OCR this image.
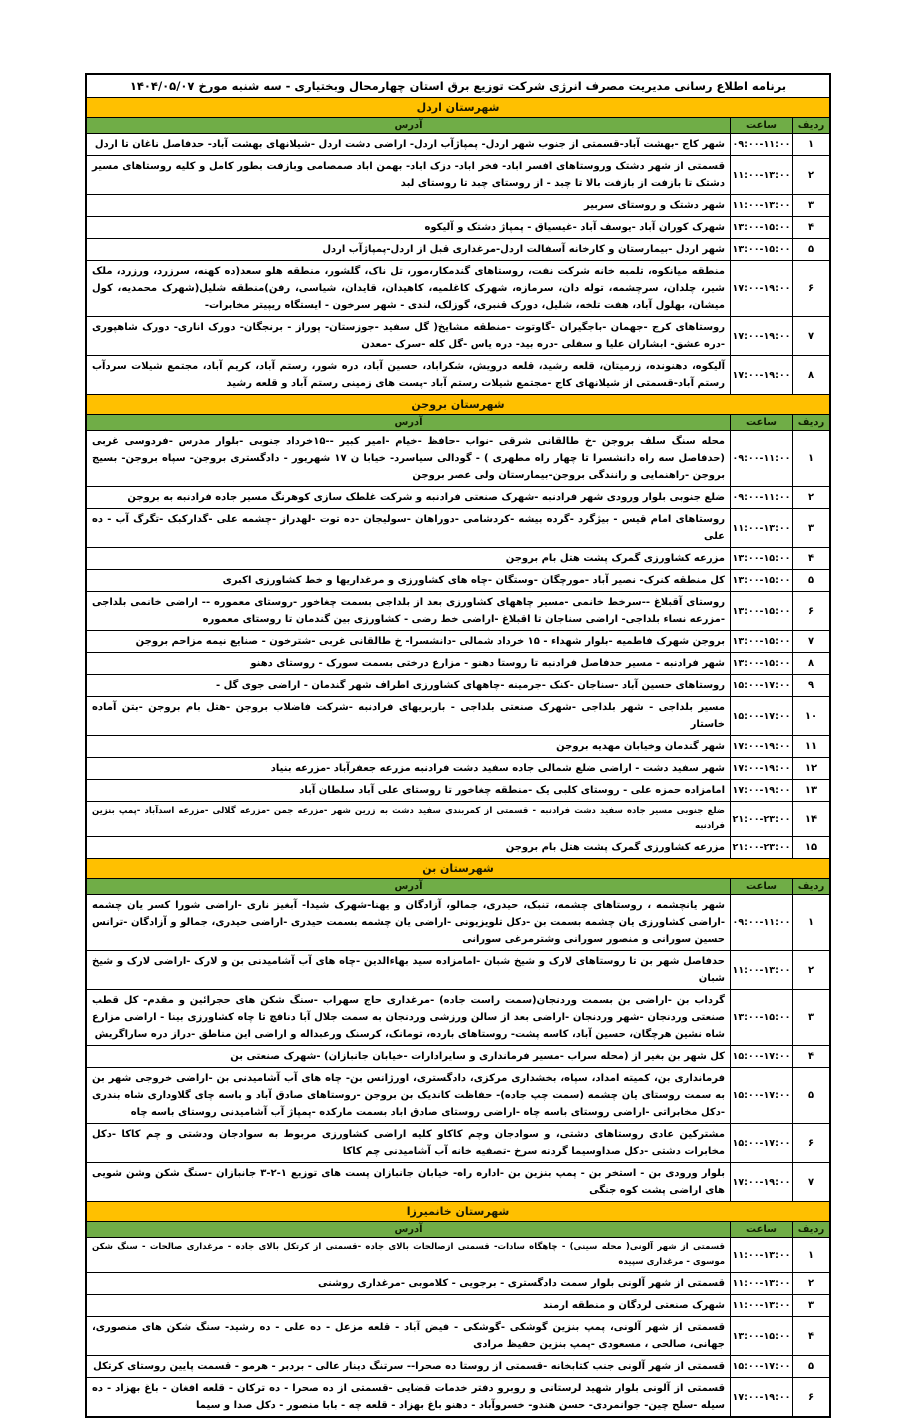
برنامه اطلاع رسانی مدیریت مصرف انرژی شرکت توزیع برق استان چهارمحال وبختیاری - سه شنبه مورخ ۱۴۰۴/۰۵/۰۷
شهرستان اردل
ردیف
ساعت
آدرس
۱
۰۹:۰۰-۱۱:۰۰
شهر کاج -بهشت آباد-قسمتی از جنوب شهر اردل- پمپاژآب اردل- اراضی دشت اردل -شیلانهای بهشت آباد- حدفاصل ناغان تا اردل
۲
۱۱:۰۰-۱۳:۰۰
قسمتی از شهر دشتک وروستاهای افسر اباد- فخر اباد- دزک اباد- بهمن اباد صمصامی وبازفت بطور کامل و کلیه روستاهای مسیر دشتک تا بازفت از بازفت بالا تا چبد - از روستای چبد تا روستای لبد
۳
۱۱:۰۰-۱۳:۰۰
شهر دشتک و روستای سربیر
۴
۱۳:۰۰-۱۵:۰۰
شهرک کوران آباد -یوسف آباد -غیسیاق - پمپاژ دشتک و آلیکوه
۵
۱۳:۰۰-۱۵:۰۰
شهر اردل -بیمارستان و کارخانه آسفالت اردل-مرغداری قبل از اردل-پمپاژآب اردل
۶
۱۷:۰۰-۱۹:۰۰
منطقه میانکوه، تلمبه خانه شرکت نفت، روستاهای گندمکار،مور، تل ناک، گلشور، منطقه هلو سعد(ده کهنه، سرزرد، ورزرد، ملک شیر، چلدان، سرچشمه، توله دان، سرمازه، شهرک کاغلمیه، کاهیدان، قایدان، شیاسی، رفن)منطقه شلیل(شهرک محمدیه، کول میشان، بهلول آباد، هفت تلخه، شلیل، دورک قنبری، گوزلک، لندی - شهر سرخون - ایستگاه ریپیتر مخابرات-
۷
۱۷:۰۰-۱۹:۰۰
روستاهای کرج -جهمان -باجگیران -گاوتوت -منطقه مشایخ( گل سفید -جوزستان- پوراز - برنجگان- دورک اناری- دورک شاهپوری -دره عشق- ابشاران علیا و سفلی -دره بید- دره یاس -گل کله -سرک -معدن
۸
۱۷:۰۰-۱۹:۰۰
آلیکوه، دهنونده، زرمیتان، قلعه رشید، قلعه درویش، شکراباد، حسین آباد، دره شور، رستم آباد، کریم آباد، مجتمع شیلات سردآب رستم آباد-قسمتی از شیلانهای کاج -مجتمع شیلات رستم آباد -پست های زمینی رستم آباد و قلعه رشید
شهرستان بروجن
ردیف
ساعت
آدرس
۱
۰۹:۰۰-۱۱:۰۰
محله سنگ سلف بروجن -خ طالقانی شرقی -نواب -حافظ -خیام -امیر کبیر --۱۵خرداد جنوبی -بلوار مدرس -فردوسی غربی (حدفاصل سه راه دانشسرا تا چهار راه مطهری ) - گودالی سیاسرد- خیابا ن ۱۷ شهریور - دادگستری بروجن- سپاه بروجن- بسیج بروجن -راهنمایی و رانندگی بروجن-بیمارستان ولی عصر بروجن
۲
۰۹:۰۰-۱۱:۰۰
ضلع جنوبی بلوار ورودی شهر فرادنبه -شهرک صنعتی فرادنبه و شرکت غلطک سازی کوهرنگ مسیر جاده فرادنبه به بروجن
۳
۱۱:۰۰-۱۳:۰۰
روستاهای امام قیس - بیژگرد -گرده بیشه -کردشامی -دوراهان -سولیجان -ده توت -لهدراز -چشمه علی -گدارکبک -تگرگ آب - ده علی
۴
۱۳:۰۰-۱۵:۰۰
مزرعه کشاورزی گمرک پشت هتل بام بروجن
۵
۱۳:۰۰-۱۵:۰۰
کل منطقه کنرک- نصیر آباد -مورچگان -وستگان -چاه های کشاورزی و مرغداریها و خط کشاورزی اکبری
۶
۱۳:۰۰-۱۵:۰۰
روستای آقبلاغ --سرخط خانمی -مسیر چاههای کشاورزی بعد از بلداجی بسمت چغاخور -روستای معموره -- اراضی خانمی بلداجی -مزرعه نساء بلداجی- اراضی سناجان تا اقبلاغ -اراضی خط رضی - کشاورزی بین گندمان تا روستای معموره
۷
۱۳:۰۰-۱۵:۰۰
بروجن شهرک فاطمیه -بلوار شهداء - ۱۵ خرداد شمالی -دانشسرا- خ طالقانی غربی -شترخون - صنایع نیمه مزاحم بروجن
۸
۱۳:۰۰-۱۵:۰۰
شهر فرادنبه - مسیر حدفاصل فرادنبه تا روستا دهنو - مزارع درختی بسمت سورک - روستای دهنو
۹
۱۵:۰۰-۱۷:۰۰
روستاهای حسین آباد -سناجان -کنک -جرمینه -چاههای کشاورزی اطراف شهر گندمان - اراضی جوی گل -
۱۰
۱۵:۰۰-۱۷:۰۰
مسیر بلداجی - شهر بلداجی -شهرک صنعتی بلداجی - باربریهای فرادنبه -شرکت فاضلاب بروجن -هتل بام بروجن -بتن آماده خاستار
۱۱
۱۷:۰۰-۱۹:۰۰
شهر گندمان وخیابان مهدیه بروجن
۱۲
۱۷:۰۰-۱۹:۰۰
شهر سفید دشت - اراضی ضلع شمالی جاده سفید دشت فرادنبه مزرعه جعفرآباد -مزرعه بنیاد
۱۳
۱۷:۰۰-۱۹:۰۰
امامزاده حمزه علی - روستای کلبی یک -منطقه چغاخور تا روستای علی آباد سلطان آباد
۱۴
۲۱:۰۰-۲۳:۰۰
ضلع جنوبی مسیر جاده سفید دشت فرادنبه - قسمتی از کمربندی سفید دشت به زرین شهر -مزرعه جمن -مزرعه گلالی -مزرعه اسدآباد -پمپ بنزین فرادنبه
۱۵
۲۱:۰۰-۲۳:۰۰
مزرعه کشاورزی گمرک پشت هتل بام بروجن
شهرستان بن
ردیف
ساعت
آدرس
۱
۰۹:۰۰-۱۱:۰۰
شهر یانچشمه ، روستاهای چشمه، تنبک، حیدری، جمالو، آزادگان و یهنا-شهرک شیدا- آبغیز ناری -اراضی شورا کسر یان چشمه -اراضی کشاورزی یان چشمه بسمت بن -دکل تلویزیونی -اراضی یان چشمه بسمت حیدری -اراضی حیدری، جمالو و آزادگان -ترانس حسین سورانی و منصور سورانی وشترمرغی سورانی
۲
۱۱:۰۰-۱۳:۰۰
حدفاصل شهر بن تا روستاهای لارک و شیخ شبان -امامزاده سید بهاءالدین -چاه های آب آشامیدنی بن و لارک -اراضی لارک و شیخ شبان
۳
۱۳:۰۰-۱۵:۰۰
گرداب بن -اراضی بن بسمت وردنجان(سمت راست جاده) -مرغداری حاج سهراب -سنگ شکن های حجرائین و مقدم- کل قطب صنعتی وردنجان -شهر وردنجان -اراضی بعد از سالن ورزشی وردنجان به سمت جلال آبا دنافچ تا چاه کشاورزی بینا - اراضی مزارع شاه نشین هرچگان، حسین آباد، کاسه پشت- روستاهای بارده، تومانک، کرسنک ورعبداله و اراضی این مناطق -دراز دره ساراگریش
۴
۱۵:۰۰-۱۷:۰۰
کل شهر بن بغیر از (محله سراب -مسیر فرمانداری و سایرادارات -خیابان جانبازان) -شهرک صنعتی بن
۵
۱۵:۰۰-۱۷:۰۰
فرمانداری بن، کمیته امداد، سپاه، بخشداری مرکزی، دادگستری، اورژانس بن- چاه های آب آشامیدنی بن -اراضی خروجی شهر بن به سمت روستای یان چشمه (سمت چپ جاده)- حفاظت کاندیک بن بروجن -روستاهای صادق آباد و باسه چای گلاوداری شاه بندری -دکل مخابراتی -اراضی روستای باسه چاه -اراضی روستای صادق اباد بسمت مارکده -پمپاژ آب آشامیدنی روستای باسه چاه
۶
۱۵:۰۰-۱۷:۰۰
مشترکین عادی روستاهای دشتی، و سوادجان وچم کاکاو کلیه اراضی کشاورزی مربوط به سوادجان ودشتی و چم کاکا -دکل مخابرات دشتی -دکل صداوسیما گردنه سرخ -تصفیه خانه آب آشامیدنی چم کاکا
۷
۱۷:۰۰-۱۹:۰۰
بلوار ورودی بن - استخر بن - پمپ بنزین بن -اداره راه- خیابان جانبازان پست های توزیع ۱-۲-۳ جانبازان -سنگ شکن وشن شویی های اراضی پشت کوه جنگی
شهرستان خانمیرزا
ردیف
ساعت
آدرس
۱
۱۱:۰۰-۱۳:۰۰
قسمتی از شهر آلونی( محله سینی) - چاهگاه سادات- قسمتی ازصالحات بالای جاده -قسمتی از کرتکل بالای جاده - مرغداری صالحات - سنگ شکن موسوی - مرغداری سپیده
۲
۱۱:۰۰-۱۳:۰۰
قسمتی از شهر آلونی بلوار سمت دادگستری - برجویی - کلاموبی -مرغداری روشنی
۳
۱۱:۰۰-۱۳:۰۰
شهرک صنعتی لردگان و منطقه ارمند
۴
۱۳:۰۰-۱۵:۰۰
قسمتی از شهر آلونی، پمپ بنزین گوشکی -گوشکی - فیض آباد - قلعه مزعل - ده علی - ده رشید- سنگ شکن های منصوری، جهانی، صالحی ، مسعودی -پمپ بنزین حفیظ مرادی
۵
۱۵:۰۰-۱۷:۰۰
قسمتی از شهر آلونی جنب کتابخانه -قسمتی از روستا ده صحرا-- سرتنگ دینار عالی - بردبر - هرمو - قسمت پایین روستای کرتکل
۶
۱۷:۰۰-۱۹:۰۰
قسمتی از آلونی بلوار شهید لرستانی و روبرو دفتر خدمات قضایی -قسمتی از ده صحرا - ده ترکان - قلعه افغان - باغ بهزاد - ده سیله -سلح چین- جوانمردی- حسن هندو- خسروآباد - دهنو باغ بهزاد - قلعه چه - بابا منصور - دکل صدا و سیما
